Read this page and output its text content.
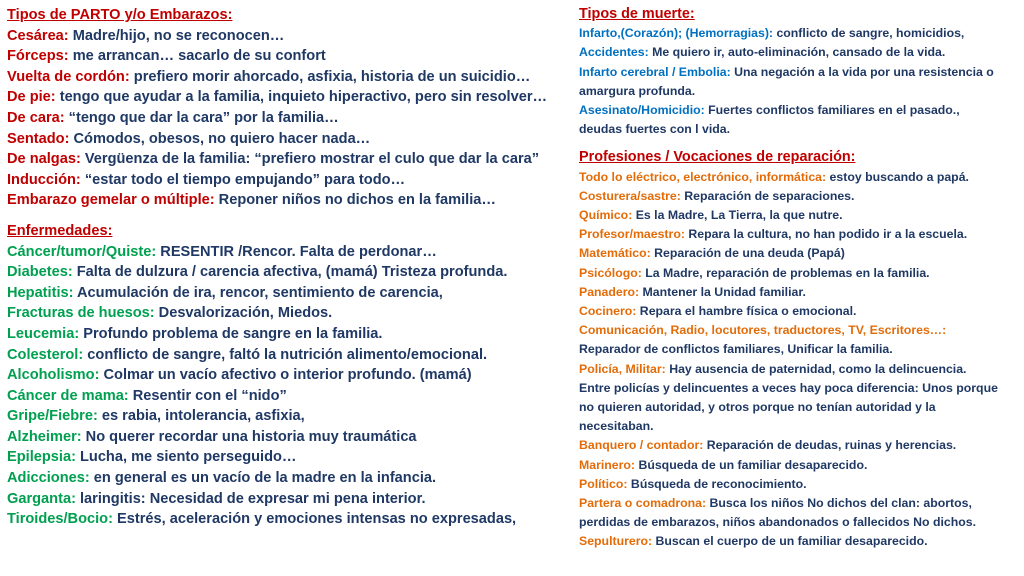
Tipos de PARTO y/o Embarazos:
Cesárea: Madre/hijo, no se reconocen…
Fórceps: me arrancan… sacarlo de su confort
Vuelta de cordón: prefiero morir ahorcado, asfixia, historia de un suicidio…
De pie: tengo que ayudar a la familia, inquieto hiperactivo, pero sin resolver…
De cara: “tengo que dar la cara” por la familia…
Sentado: Cómodos, obesos, no quiero hacer nada…
De nalgas: Vergüenza de la familia: “prefiero mostrar el culo que dar la cara”
Inducción: “estar todo el tiempo empujando” para todo…
Embarazo gemelar o múltiple: Reponer niños no dichos en la familia…
Enfermedades:
Cáncer/tumor/Quiste: RESENTIR /Rencor. Falta de perdonar…
Diabetes: Falta de dulzura / carencia afectiva, (mamá) Tristeza profunda.
Hepatitis: Acumulación de ira, rencor, sentimiento de carencia,
Fracturas de huesos: Desvalorización, Miedos.
Leucemia: Profundo problema de sangre en la familia.
Colesterol: conflicto de sangre, faltó la nutrición alimento/emocional.
Alcoholismo: Colmar un vacío afectivo o interior profundo. (mamá)
Cáncer de mama: Resentir con el “nido”
Gripe/Fiebre: es rabia, intolerancia, asfixia,
Alzheimer: No querer recordar una historia muy traumática
Epilepsia: Lucha, me siento perseguido…
Adicciones: en general es un vacío de la madre en la infancia.
Garganta: laringitis: Necesidad de expresar mi pena interior.
Tiroides/Bocio: Estrés, aceleración y emociones intensas no expresadas,
Tipos de muerte:
Infarto,(Corazón); (Hemorragias): conflicto de sangre, homicidios,
Accidentes: Me quiero ir, auto-eliminación, cansado de la vida.
Infarto cerebral / Embolia: Una negación a la vida por una resistencia o
amargura profunda.
Asesinato/Homicidio: Fuertes conflictos familiares en el pasado.,
deudas fuertes con l vida.
Profesiones / Vocaciones de reparación:
Todo lo eléctrico, electrónico, informática: estoy buscando a papá.
Costurera/sastre: Reparación de separaciones.
Químico: Es la Madre, La Tierra, la que nutre.
Profesor/maestro: Repara la cultura, no han podido ir a la escuela.
Matemático: Reparación de una deuda (Papá)
Psicólogo: La Madre, reparación de problemas en la familia.
Panadero: Mantener la Unidad familiar.
Cocinero: Repara el hambre física o emocional.
Comunicación, Radio, locutores, traductores, TV, Escritores…:
Reparador de conflictos familiares, Unificar la familia.
Policía, Militar: Hay ausencia de paternidad, como la delincuencia.
Entre policías y delincuentes a veces hay poca diferencia: Unos porque
no quieren autoridad, y otros porque no tenían autoridad y la
necesitaban.
Banquero / contador: Reparación de deudas, ruinas y herencias.
Marinero: Búsqueda de un familiar desaparecido.
Político: Búsqueda de reconocimiento.
Partera o comadrona: Busca los niños No dichos del clan: abortos,
perdidas de embarazos, niños abandonados o fallecidos No dichos.
Sepulturero: Buscan el cuerpo de un familiar desaparecido.
